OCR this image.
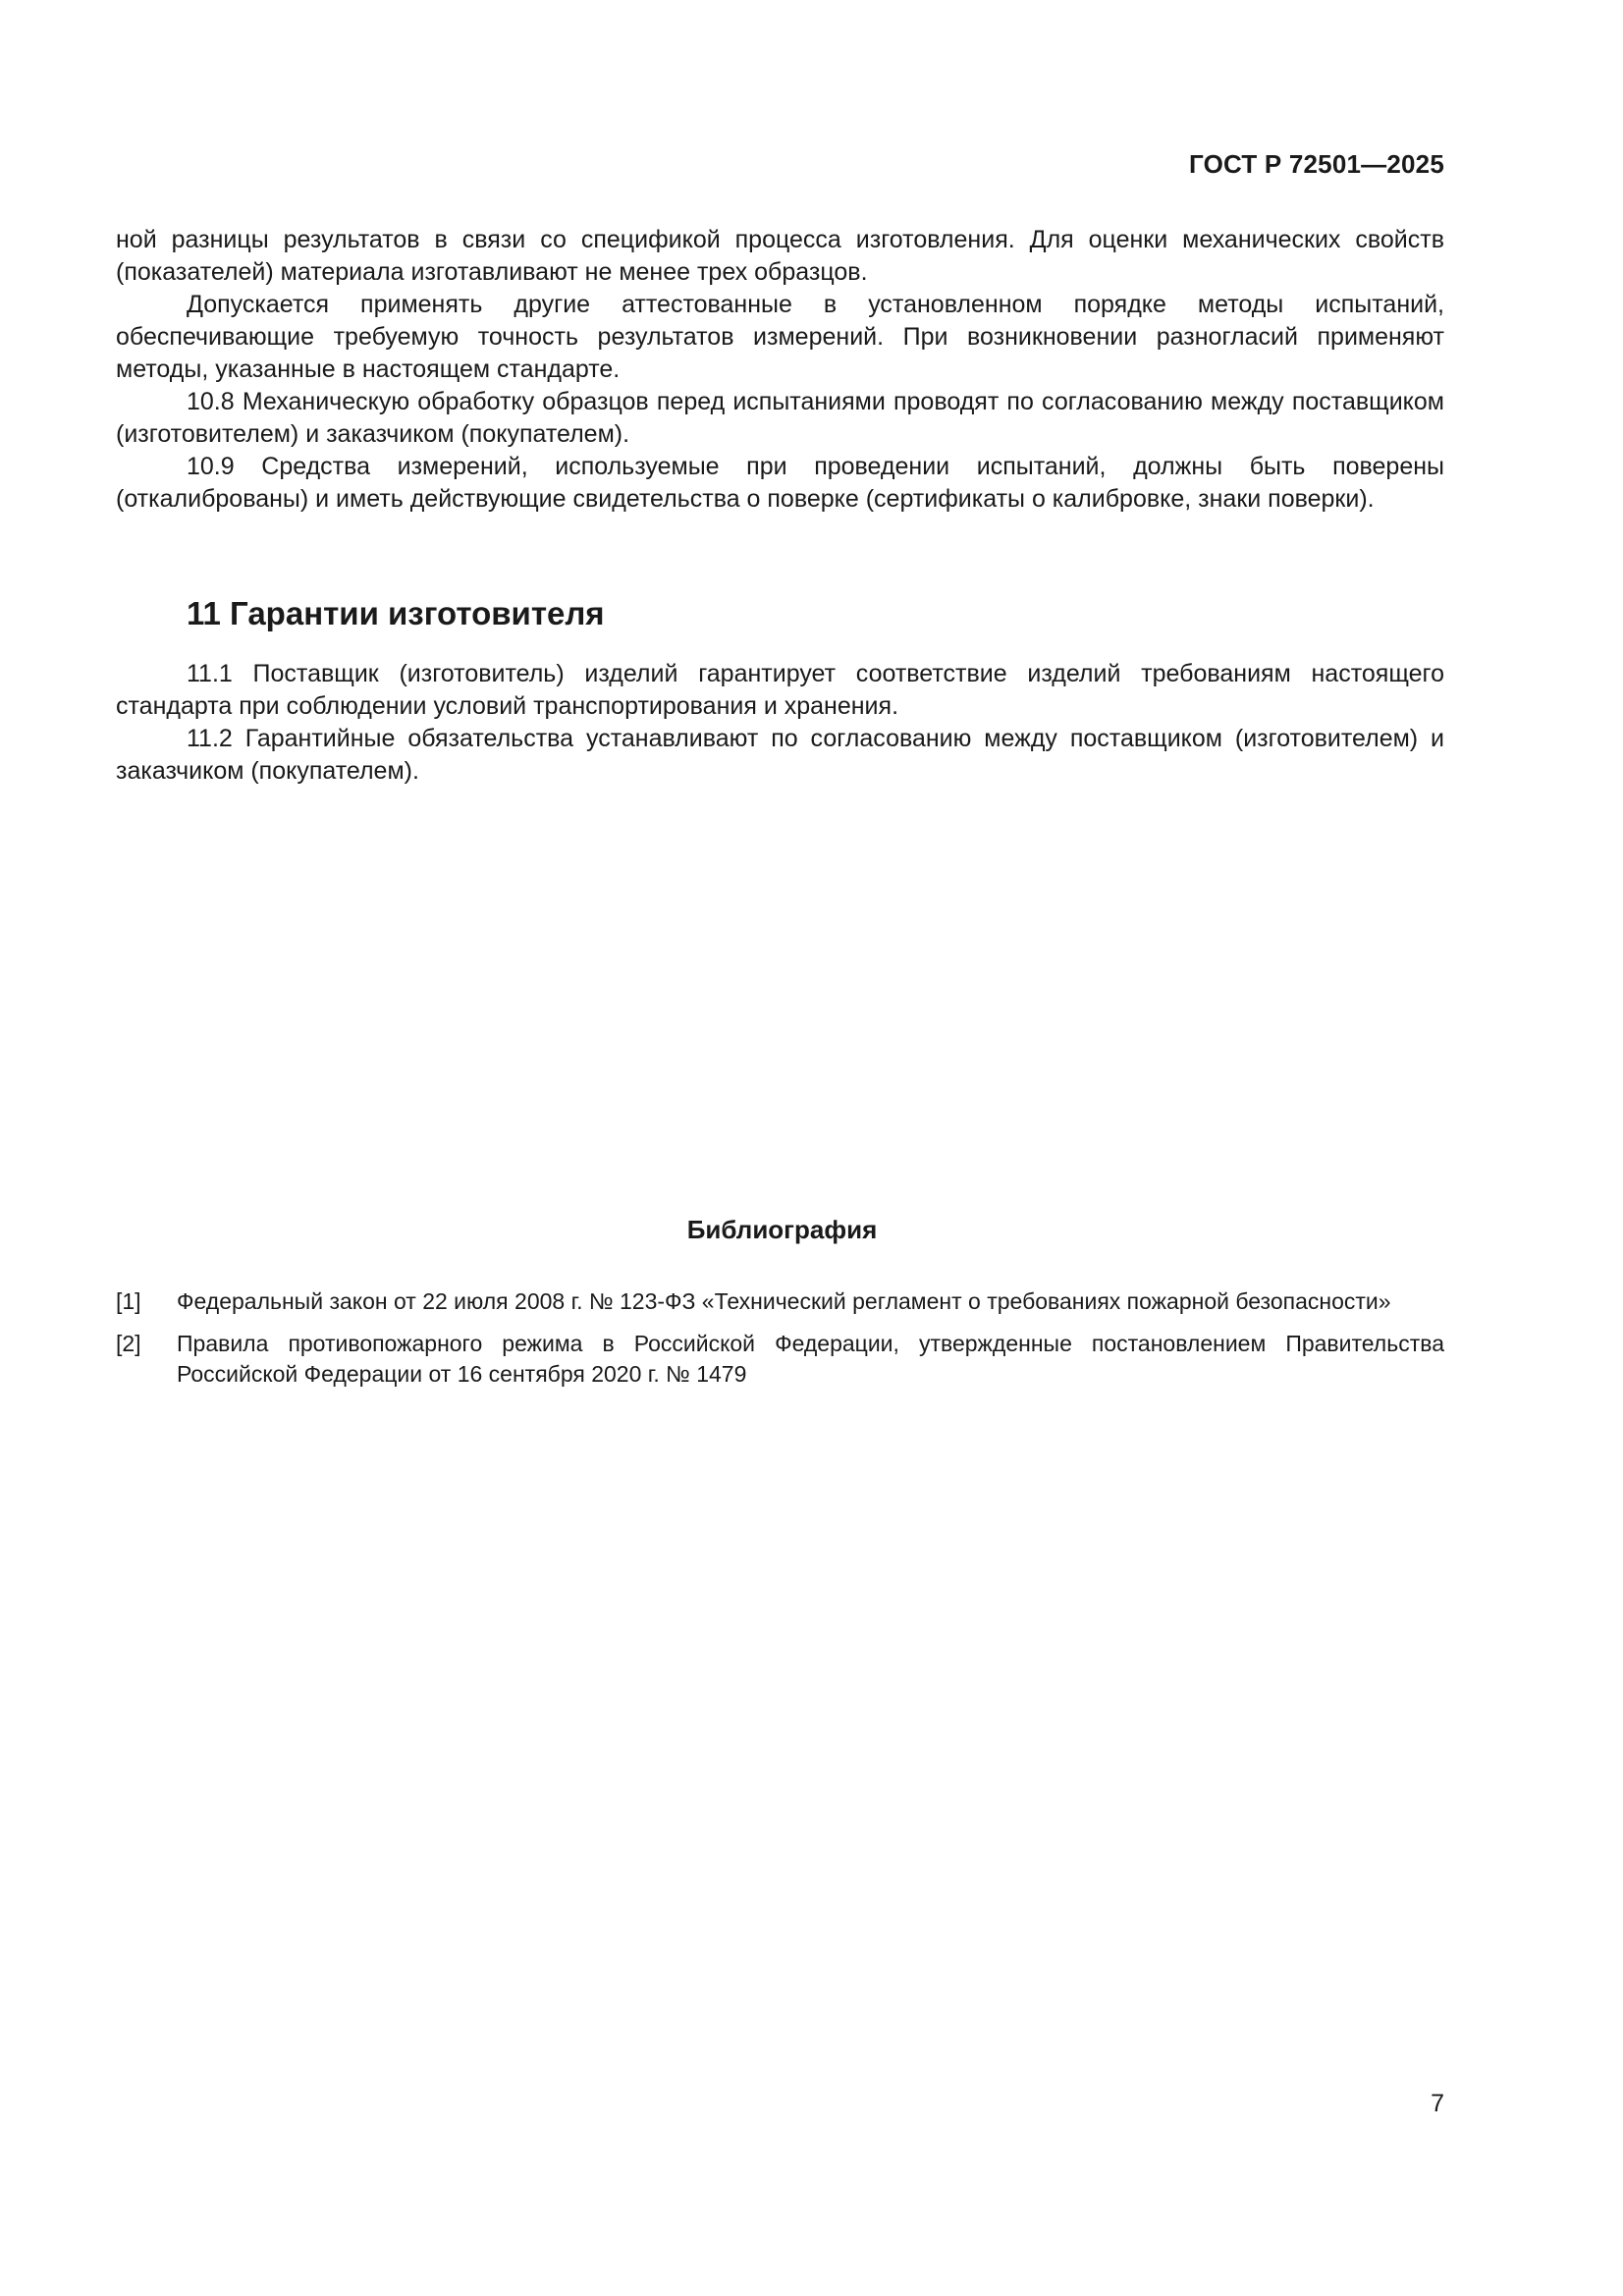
ГОСТ Р 72501—2025

ной разницы результатов в связи со спецификой процесса изготовления. Для оценки механических свойств (показателей) материала изготавливают не менее трех образцов.

Допускается применять другие аттестованные в установленном порядке методы испытаний, обеспечивающие требуемую точность результатов измерений. При возникновении разногласий применяют методы, указанные в настоящем стандарте.

10.8 Механическую обработку образцов перед испытаниями проводят по согласованию между поставщиком (изготовителем) и заказчиком (покупателем).

10.9 Средства измерений, используемые при проведении испытаний, должны быть поверены (откалиброваны) и иметь действующие свидетельства о поверке (сертификаты о калибровке, знаки поверки).

11 Гарантии изготовителя

11.1 Поставщик (изготовитель) изделий гарантирует соответствие изделий требованиям настоящего стандарта при соблюдении условий транспортирования и хранения.

11.2 Гарантийные обязательства устанавливают по согласованию между поставщиком (изготовителем) и заказчиком (покупателем).

Библиография
[1]	Федеральный закон от 22 июля 2008 г. № 123-ФЗ «Технический регламент о требованиях пожарной безопасности»
[2]	Правила противопожарного режима в Российской Федерации, утвержденные постановлением Правительства Российской Федерации от 16 сентября 2020 г. № 1479
7
